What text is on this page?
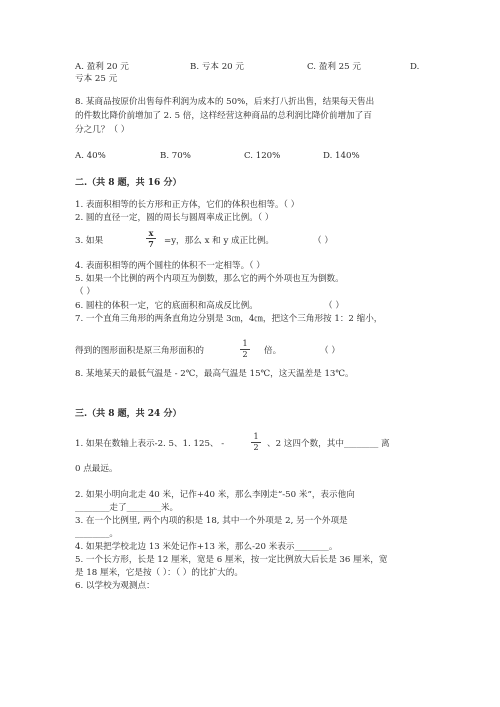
A. 盈利 20 元	B. 亏本 20 元	C. 盈利 25 元	D.
亏本 25 元
8. 某商品按原价出售每件利润为成本的 50%，后来打八折出售，结果每天售出
的件数比降价前增加了 2. 5 倍，这样经营这种商品的总利润比降价前增加了百
分之几？（ ）
A. 40%	B. 70%	C. 120%	D. 140%
二.（共 8 题，共 16 分）
1. 表面积相等的长方形和正方体，它们的体积也相等。（ ）
2. 圆的直径一定，圆的周长与圆周率成正比例。（ ）
3. 如果
x
7 =y，那么 x 和 y 成正比例。	（ ）
4. 表面积相等的两个圆柱的体积不一定相等。（ ）
5. 如果一个比例的两个内项互为倒数，那么它的两个外项也互为倒数。
（ ）
6. 圆柱的体积一定，它的底面积和高成反比例。	（ ）
7. 一个直角三角形的两条直角边分别是 3㎝，4㎝，把这个三角形按 1：2 缩小，
得到的图形面积是原三角形面积的
1
2 倍。	（ ）
8. 某地某天的最低气温是 - 2℃，最高气温是 15℃，这天温差是 13℃。
三.（共 8 题，共 24 分）
1. 如果在数轴上表示-2. 5、1. 125、 -
1
2 、2 这四个数，其中________ 离
0 点最远。
2. 如果小明向北走 40 米，记作+40 米，那么李刚走“-50 米”，表示他向
________走了________米。
3. 在一个比例里, 两个内项的积是 18, 其中一个外项是 2, 另一个外项是
________。
4. 如果把学校北边 13 米处记作+13 米，那么-20 米表示________。
5. 一个长方形，长是 12 厘米，宽是 6 厘米，按一定比例放大后长是 36 厘米，宽
是 18 厘米，它是按（ ）：（ ）的比扩大的。
6. 以学校为观测点：
